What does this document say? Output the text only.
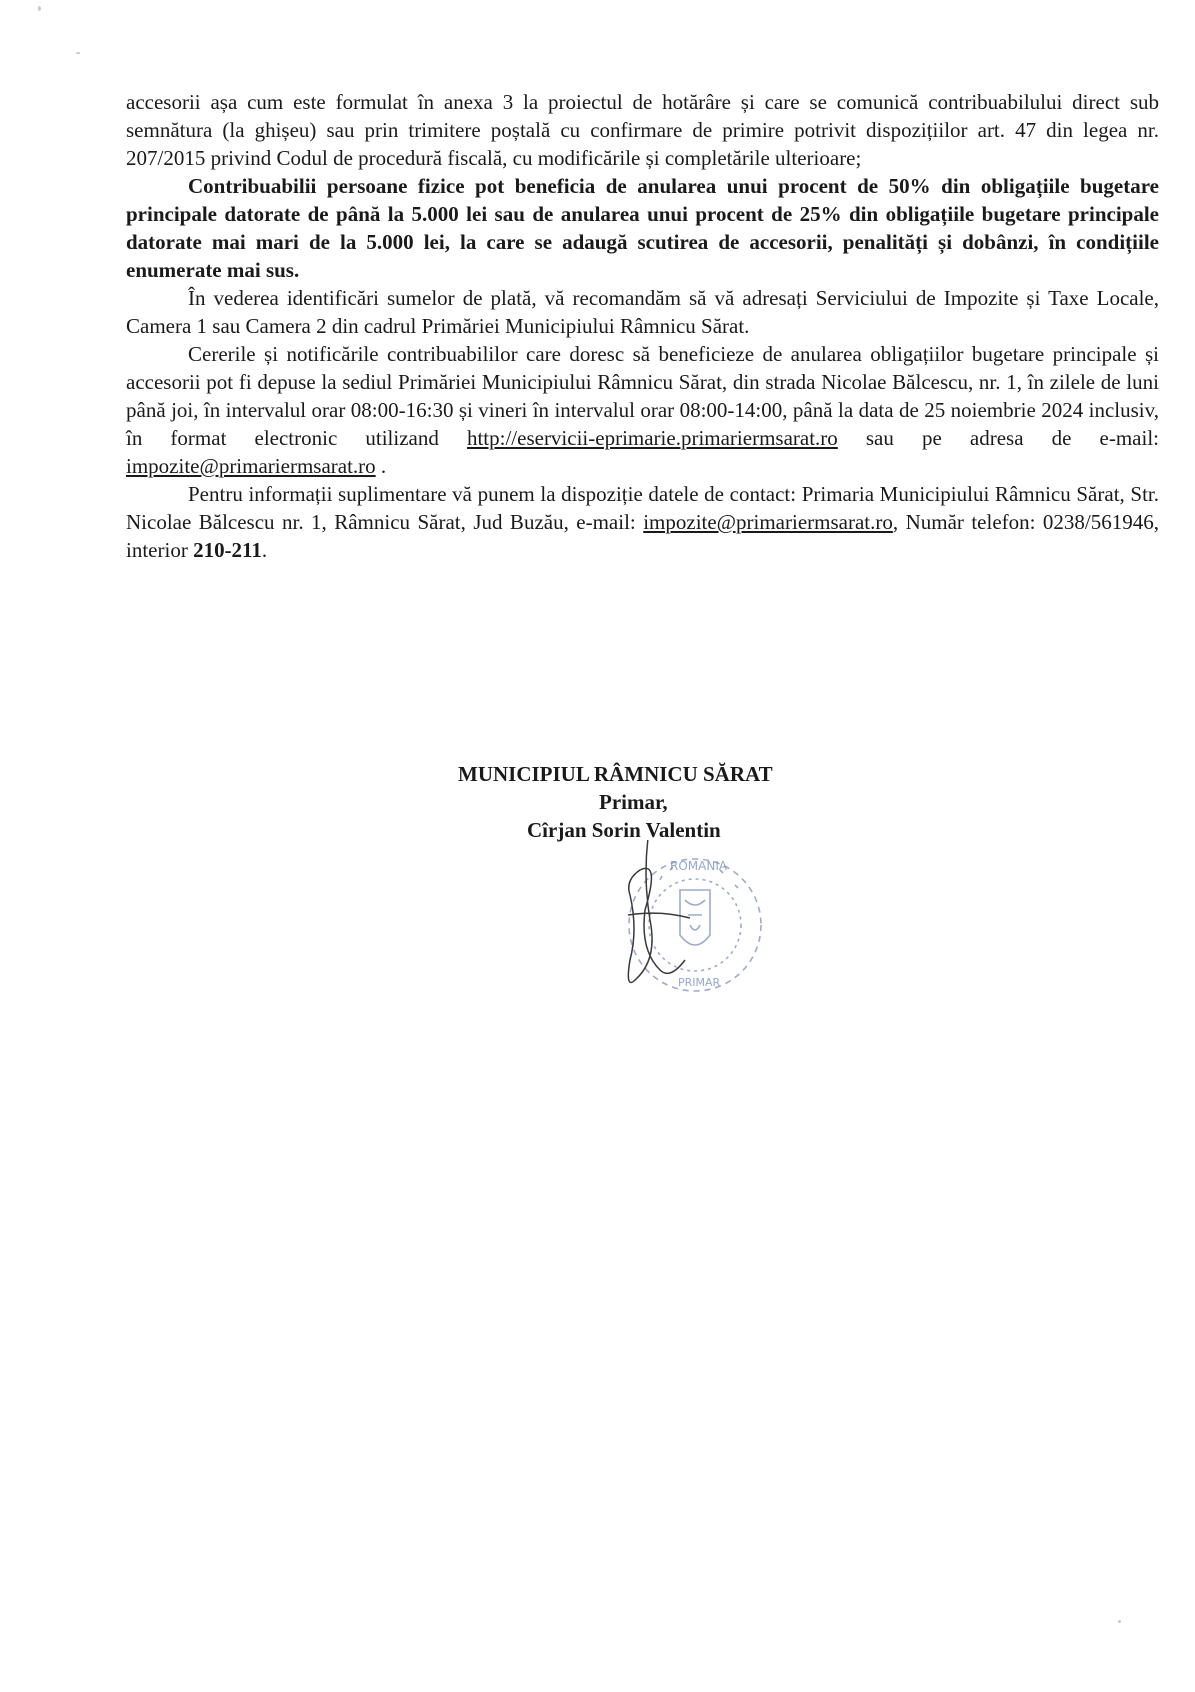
accesorii așa cum este formulat în anexa 3 la proiectul de hotărâre și care se comunică contribuabilului direct sub semnătura (la ghișeu) sau prin trimitere poștală cu confirmare de primire potrivit dispozițiilor art. 47 din legea nr. 207/2015 privind Codul de procedură fiscală, cu modificările și completările ulterioare;

Contribuabilii persoane fizice pot beneficia de anularea unui procent de 50% din obligațiile bugetare principale datorate de până la 5.000 lei sau de anularea unui procent de 25% din obligațiile bugetare principale datorate mai mari de la 5.000 lei, la care se adaugă scutirea de accesorii, penalități și dobânzi, în condițiile enumerate mai sus.

În vederea identificări sumelor de plată, vă recomandăm să vă adresați Serviciului de Impozite și Taxe Locale, Camera 1 sau Camera 2 din cadrul Primăriei Municipiului Râmnicu Sărat.

Cererile și notificările contribuabililor care doresc să beneficieze de anularea obligațiilor bugetare principale și accesorii pot fi depuse la sediul Primăriei Municipiului Râmnicu Sărat, din strada Nicolae Bălcescu, nr. 1, în zilele de luni până joi, în intervalul orar 08:00-16:30 și vineri în intervalul orar 08:00-14:00, până la data de 25 noiembrie 2024 inclusiv, în format electronic utilizand http://eservicii-eprimarie.primariermsarat.ro sau pe adresa de e-mail: impozite@primariermsarat.ro .

Pentru informații suplimentare vă punem la dispoziție datele de contact: Primaria Municipiului Râmnicu Sărat, Str. Nicolae Bălcescu nr. 1, Râmnicu Sărat, Jud Buzău, e-mail: impozite@primariermsarat.ro, Număr telefon: 0238/561946, interior 210-211.

MUNICIPIUL RÂMNICU SĂRAT
Primar,
Cîrjan Sorin Valentin
ROMANIA
PRIMAR
